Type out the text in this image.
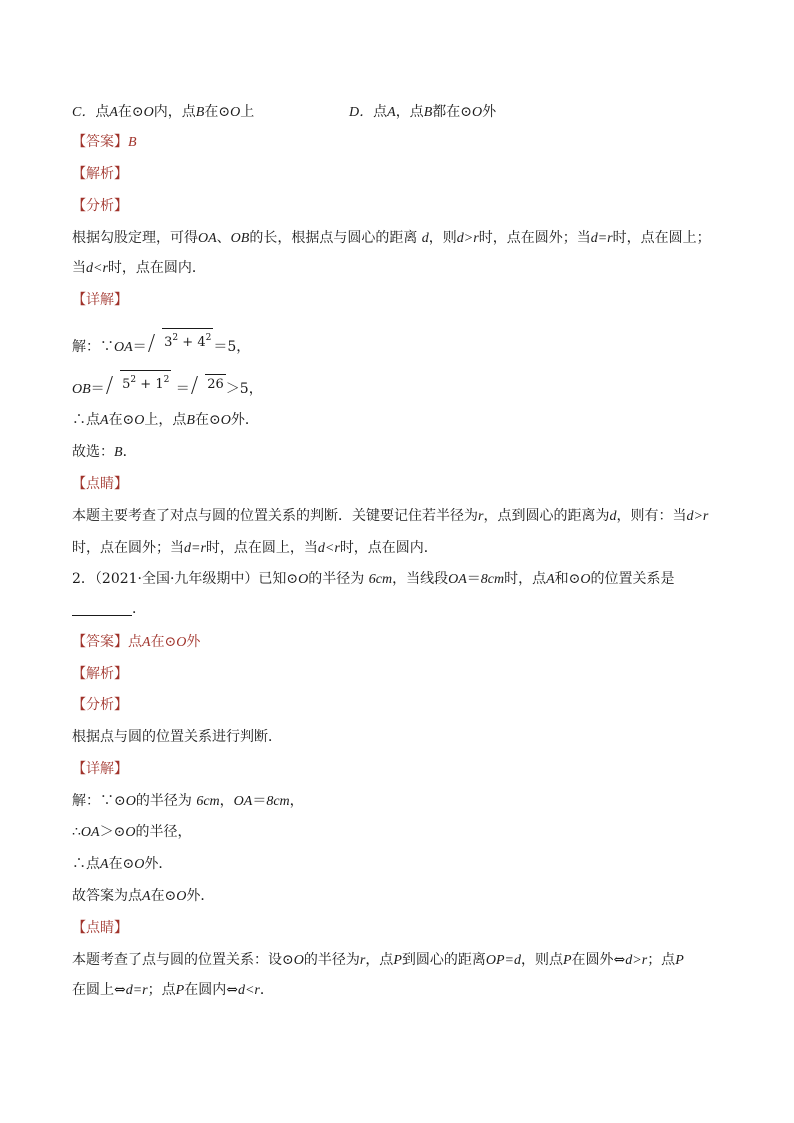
C．点A在⊙O内，点B在⊙O上	D．点A，点B都在⊙O外
【答案】B
【解析】
【分析】
根据勾股定理，可得OA、OB的长，根据点与圆心的距离 d，则d>r时，点在圆外；当d=r时，点在圆上；
当d<r时，点在圆内．
【详解】
解：∵OA＝ $3^2 + 4^2$
＝5，
$OB= 5^2 + 1^2$
＝ 26 ＞5，
∴点A在⊙O上，点B在⊙O外．
故选：B．
【点睛】
本题主要考查了对点与圆的位置关系的判断．关键要记住若半径为r，点到圆心的距离为d，则有：当d>r
时，点在圆外；当d=r时，点在圆上，当d<r时，点在圆内．
2．（2021·全国·九年级期中）已知⊙O的半径为 6cm，当线段OA＝8cm时，点A和⊙O的位置关系是
．
【答案】点A在⊙O外
【解析】
【分析】
根据点与圆的位置关系进行判断．
【详解】
解：∵⊙O的半径为 6cm，OA＝8cm，
∴OA＞⊙O的半径，
∴点A在⊙O外．
故答案为点A在⊙O外．
【点睛】
本题考查了点与圆的位置关系：设⊙O的半径为r，点P到圆心的距离OP=d，则点P在圆外⇔d>r；点P
在圆上⇔d=r；点P在圆内⇔d<r．
